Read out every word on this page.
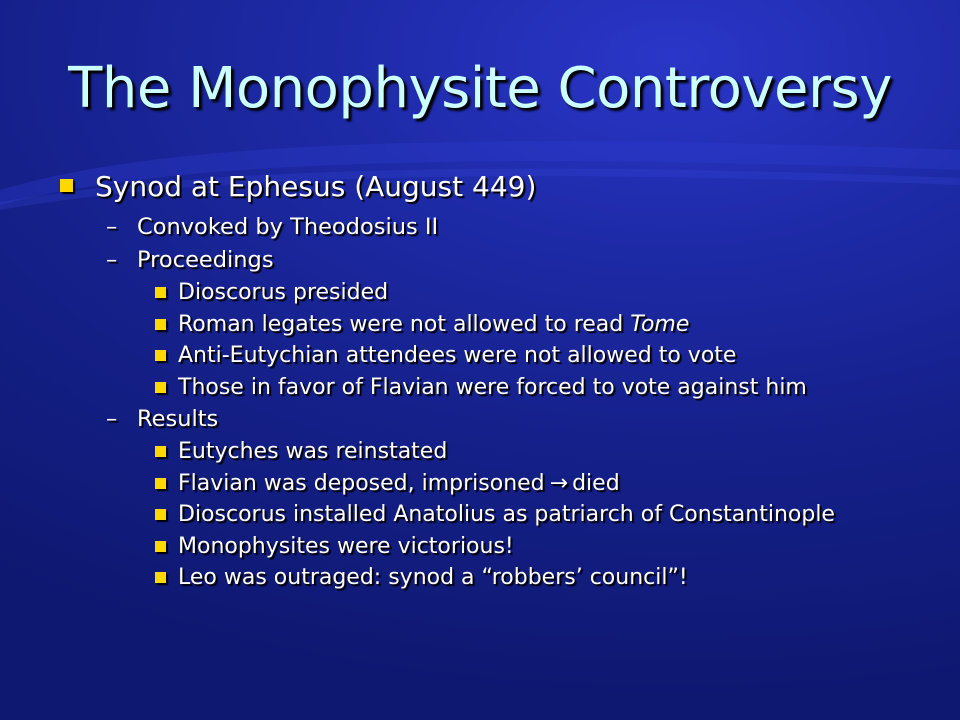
The Monophysite Controversy
Synod at Ephesus (August 449)
– Convoked by Theodosius II
– Proceedings
Dioscorus presided
Roman legates were not allowed to read Tome
Anti-Eutychian attendees were not allowed to vote
Those in favor of Flavian were forced to vote against him
– Results
Eutyches was reinstated
Flavian was deposed, imprisoned → died
Dioscorus installed Anatolius as patriarch of Constantinople
Monophysites were victorious!
Leo was outraged: synod a “robbers’ council”!
